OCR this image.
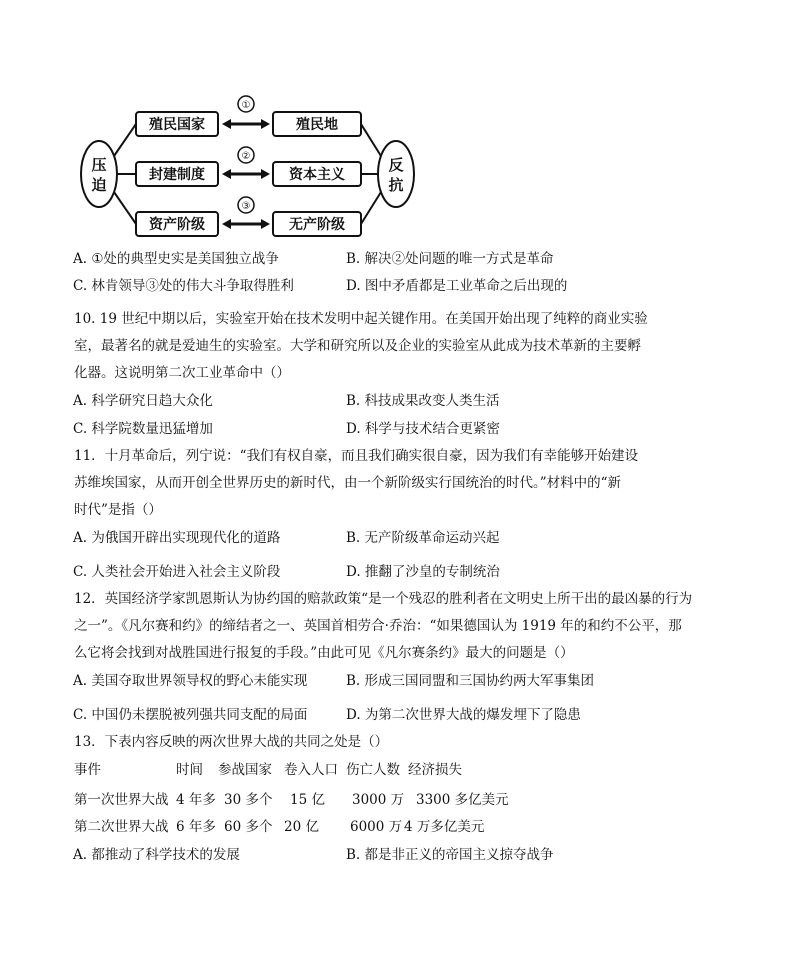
压
迫
反
抗
殖民国家	殖民地
封建制度	资本主义
资产阶级	无产阶级
①
②
③
A. ①处的典型史实是美国独立战争	B. 解决②处问题的唯一方式是革命
C. 林肯领导③处的伟大斗争取得胜利	D. 图中矛盾都是工业革命之后出现的
10. 19 世纪中期以后，实验室开始在技术发明中起关键作用。在美国开始出现了纯粹的商业实验
室，最著名的就是爱迪生的实验室。大学和研究所以及企业的实验室从此成为技术革新的主要孵
化器。这说明第二次工业革命中（）
A. 科学研究日趋大众化	B. 科技成果改变人类生活
C. 科学院数量迅猛增加	D. 科学与技术结合更紧密
11．十月革命后，列宁说：“我们有权自豪，而且我们确实很自豪，因为我们有幸能够开始建设
苏维埃国家，从而开创全世界历史的新时代，由一个新阶级实行国统治的时代。”材料中的“新
时代”是指（）
A. 为俄国开辟出实现现代化的道路	B. 无产阶级革命运动兴起
C. 人类社会开始进入社会主义阶段	D. 推翻了沙皇的专制统治
12．英国经济学家凯恩斯认为协约国的赔款政策“是一个残忍的胜利者在文明史上所干出的最凶暴的行为
之一”。《凡尔赛和约》的缔结者之一、英国首相劳合·乔治：“如果德国认为 1919 年的和约不公平，那
么它将会找到对战胜国进行报复的手段。”由此可见《凡尔赛条约》最大的问题是（）
A. 美国夺取世界领导权的野心未能实现	B. 形成三国同盟和三国协约两大军事集团
C. 中国仍未摆脱被列强共同支配的局面	D. 为第二次世界大战的爆发埋下了隐患
13．下表内容反映的两次世界大战的共同之处是（）
事件	时间 参战国家 卷入人口 伤亡人数 经济损失
第一次世界大战 4 年多 30 多个 15 亿 3000 万 3300 多亿美元
第二次世界大战 6 年多 60 多个 20 亿 6000 万 4 万多亿美元
A. 都推动了科学技术的发展	B. 都是非正义的帝国主义掠夺战争
